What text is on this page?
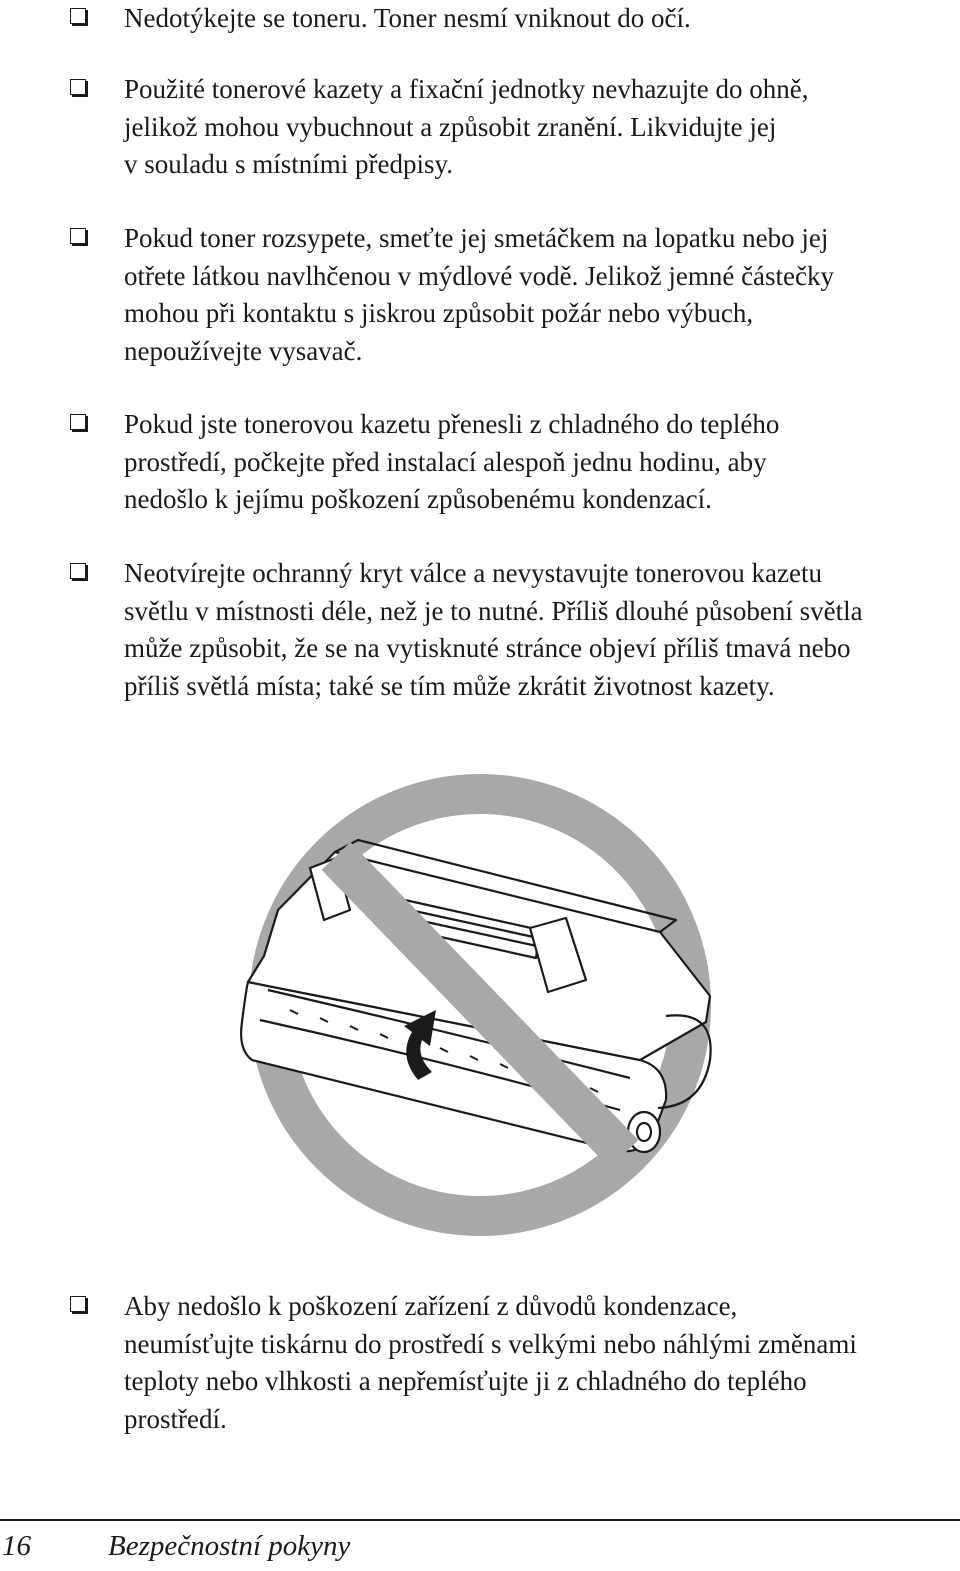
Nedotýkejte se toneru. Toner nesmí vniknout do očí.
Použité tonerové kazety a fixační jednotky nevhazujte do ohně,
jelikož mohou vybuchnout a způsobit zranění. Likvidujte jej
v souladu s místními předpisy.
Pokud toner rozsypete, smeťte jej smetáčkem na lopatku nebo jej
otřete látkou navlhčenou v mýdlové vodě. Jelikož jemné částečky
mohou při kontaktu s jiskrou způsobit požár nebo výbuch,
nepoužívejte vysavač.
Pokud jste tonerovou kazetu přenesli z chladného do teplého
prostředí, počkejte před instalací alespoň jednu hodinu, aby
nedošlo k jejímu poškození způsobenému kondenzací.
Neotvírejte ochranný kryt válce a nevystavujte tonerovou kazetu
světlu v místnosti déle, než je to nutné. Příliš dlouhé působení světla
může způsobit, že se na vytisknuté stránce objeví příliš tmavá nebo
příliš světlá místa; také se tím může zkrátit životnost kazety.
Aby nedošlo k poškození zařízení z důvodů kondenzace,
neumísťujte tiskárnu do prostředí s velkými nebo náhlými změnami
teploty nebo vlhkosti a nepřemísťujte ji z chladného do teplého
prostředí.
16	Bezpečnostní pokyny
